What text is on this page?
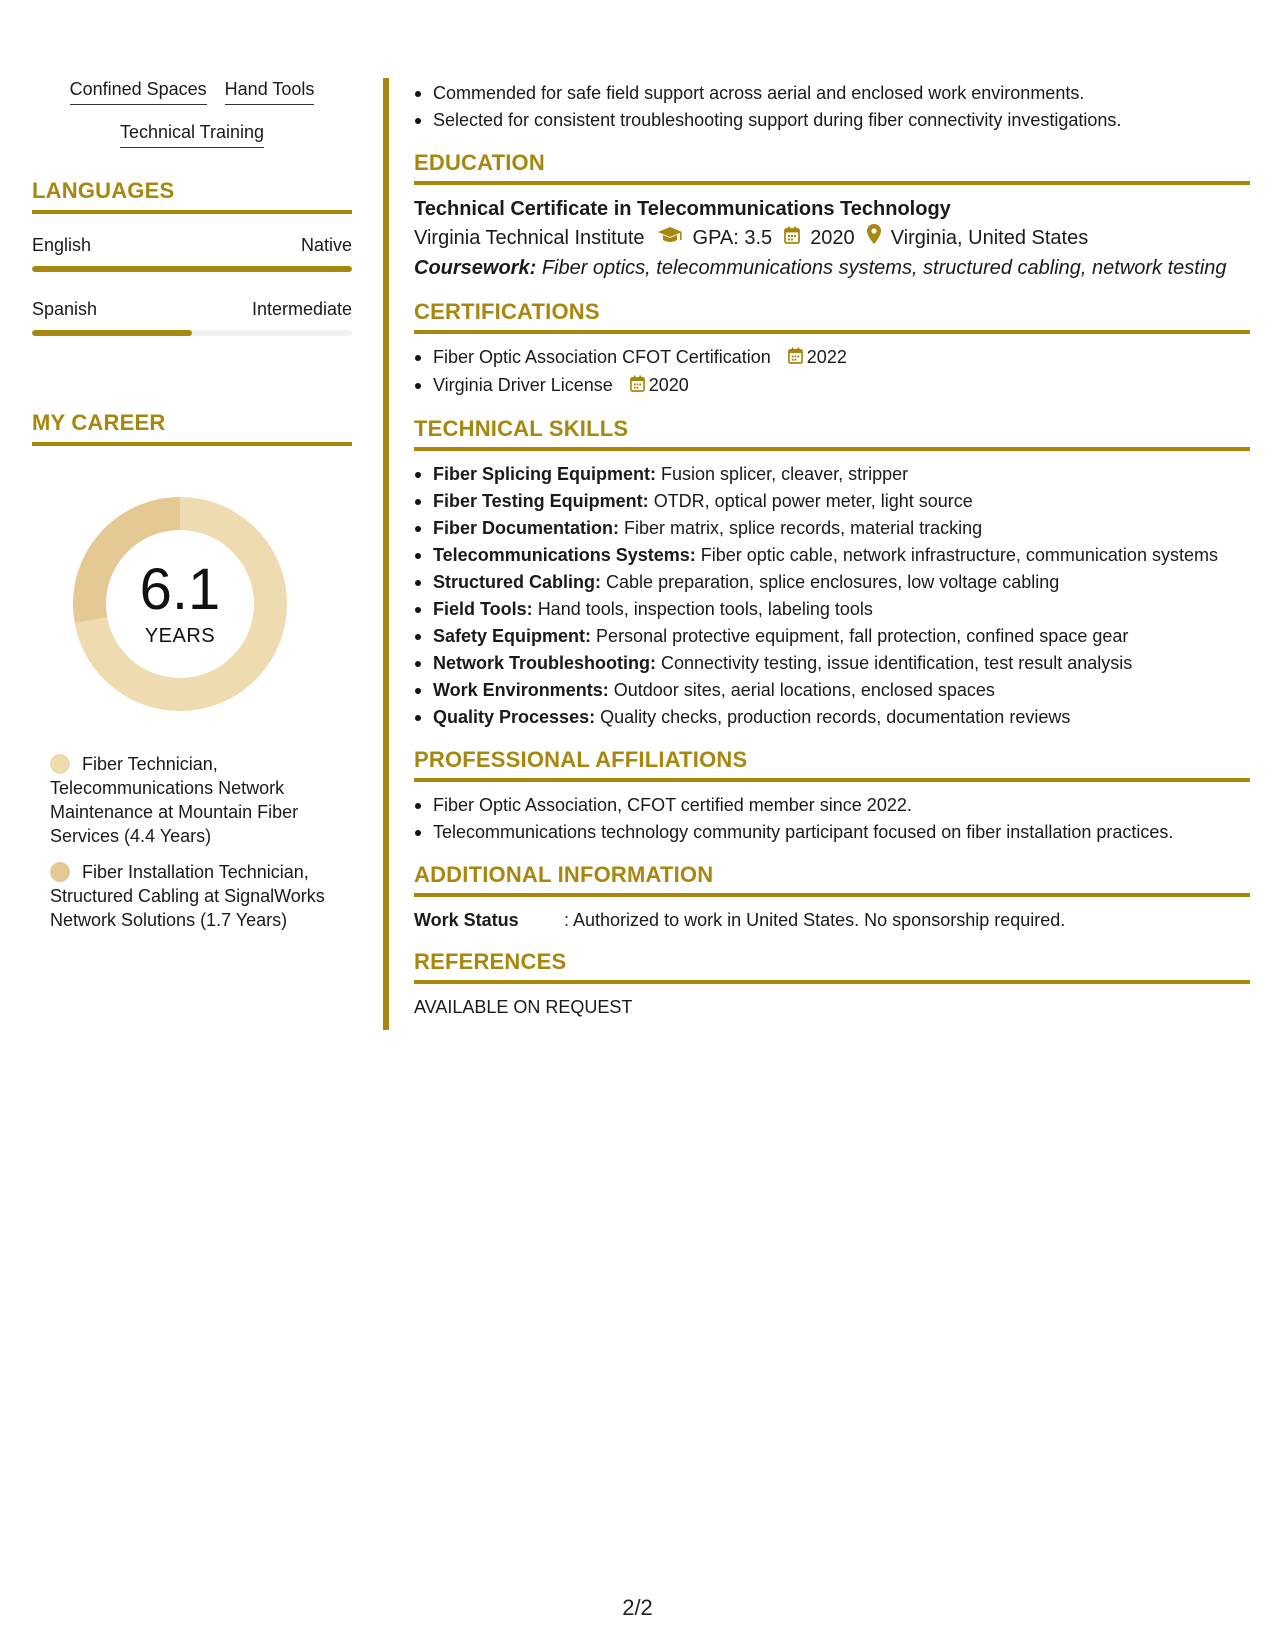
Confined Spaces Hand Tools
Technical Training
LANGUAGES
English	Native
Spanish	Intermediate
MY CAREER
6.1
YEARS
Fiber Technician, Telecommunications Network Maintenance at Mountain Fiber Services (4.4 Years)
Fiber Installation Technician, Structured Cabling at SignalWorks Network Solutions (1.7 Years)
Commended for safe field support across aerial and enclosed work environments.
Selected for consistent troubleshooting support during fiber connectivity investigations.
EDUCATION
Technical Certificate in Telecommunications Technology
Virginia Technical Institute GPA: 3.5 2020 Virginia, United States
Coursework: Fiber optics, telecommunications systems, structured cabling, network testing
CERTIFICATIONS
Fiber Optic Association CFOT Certification 2022
Virginia Driver License 2020
TECHNICAL SKILLS
Fiber Splicing Equipment: Fusion splicer, cleaver, stripper
Fiber Testing Equipment: OTDR, optical power meter, light source
Fiber Documentation: Fiber matrix, splice records, material tracking
Telecommunications Systems: Fiber optic cable, network infrastructure, communication systems
Structured Cabling: Cable preparation, splice enclosures, low voltage cabling
Field Tools: Hand tools, inspection tools, labeling tools
Safety Equipment: Personal protective equipment, fall protection, confined space gear
Network Troubleshooting: Connectivity testing, issue identification, test result analysis
Work Environments: Outdoor sites, aerial locations, enclosed spaces
Quality Processes: Quality checks, production records, documentation reviews
PROFESSIONAL AFFILIATIONS
Fiber Optic Association, CFOT certified member since 2022.
Telecommunications technology community participant focused on fiber installation practices.
ADDITIONAL INFORMATION
Work Status	: Authorized to work in United States. No sponsorship required.
REFERENCES
AVAILABLE ON REQUEST
2/2
